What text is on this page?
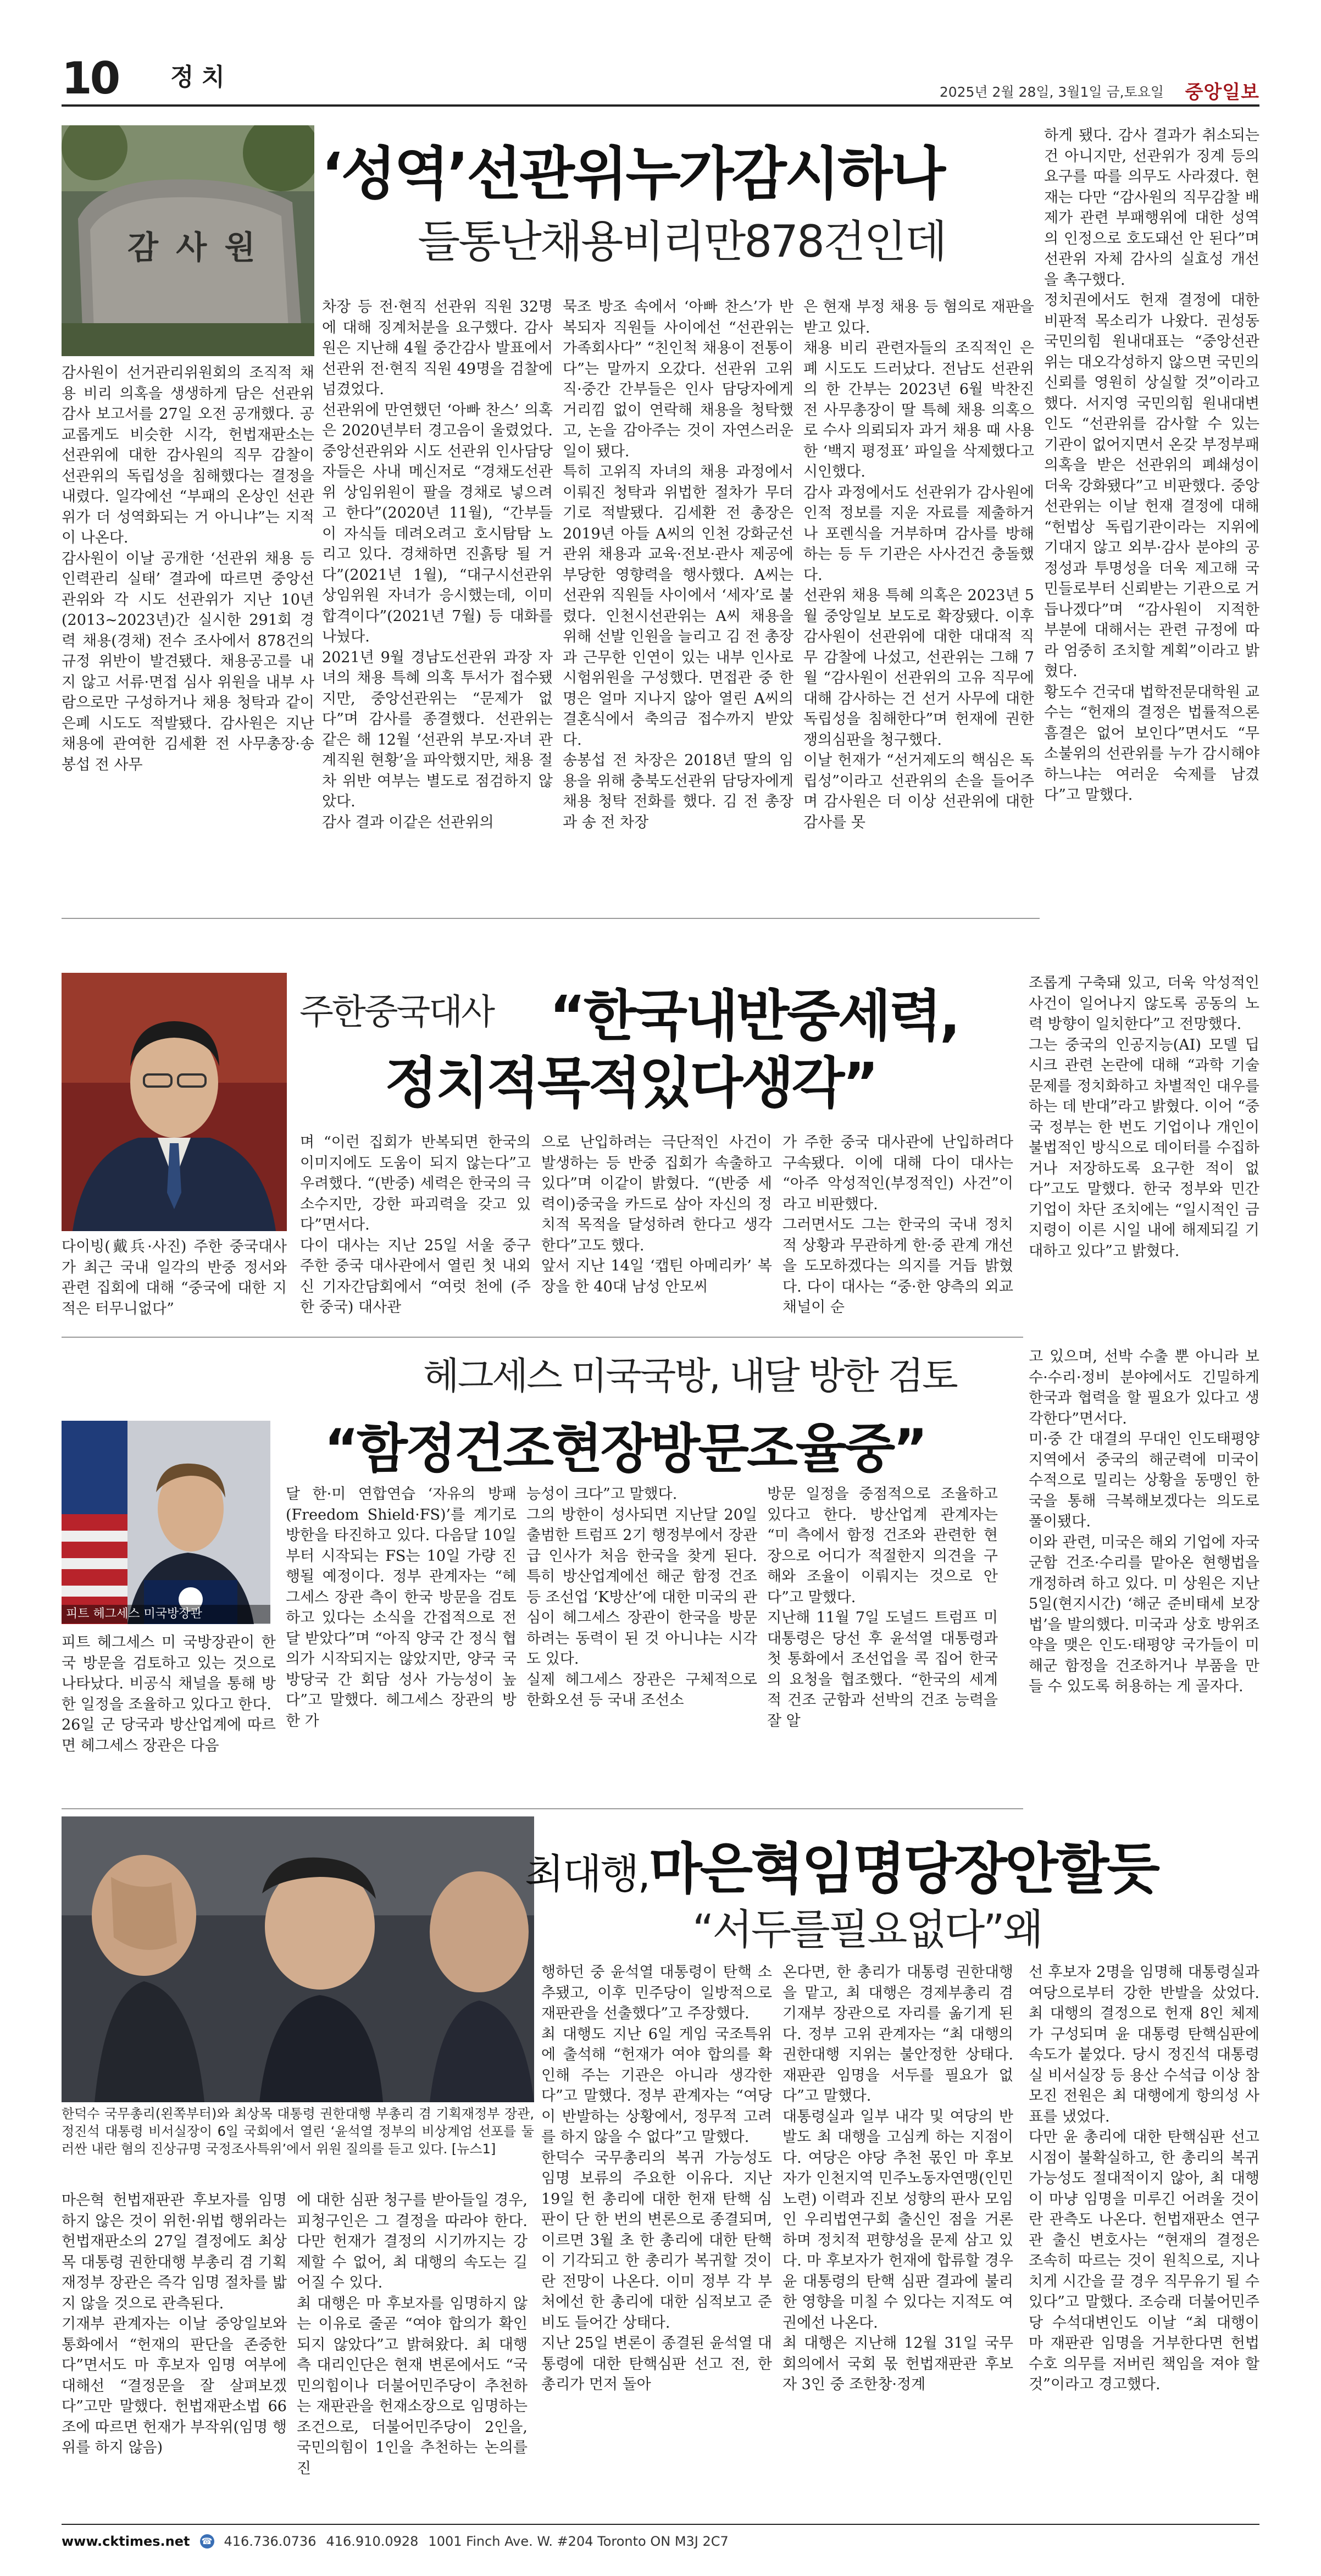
10 정치
2025년 2월 28일, 3월1일 금,토요일 중앙일보
감 사 원
‘성역’선관위누가감시하나
들통난채용비리만878건인데

감사원이 선거관리위원회의 조직적 채용 비리 의혹을 생생하게 담은 선관위 감사 보고서를 27일 오전 공개했다. 공교롭게도 비슷한 시각, 헌법재판소는 선관위에 대한 감사원의 직무 감찰이 선관위의 독립성을 침해했다는 결정을 내렸다. 일각에선 “부패의 온상인 선관위가 더 성역화되는 거 아니냐”는 지적이 나온다.

감사원이 이날 공개한 ‘선관위 채용 등 인력관리 실태’ 결과에 따르면 중앙선관위와 각 시도 선관위가 지난 10년(2013~2023년)간 실시한 291회 경력 채용(경채) 전수 조사에서 878건의 규정 위반이 발견됐다. 채용공고를 내지 않고 서류·면접 심사 위원을 내부 사람으로만 구성하거나 채용 청탁과 같이 은폐 시도도 적발됐다. 감사원은 지난 채용에 관여한 김세환 전 사무총장·송봉섭 전 사무

차장 등 전·현직 선관위 직원 32명에 대해 징계처분을 요구했다. 감사원은 지난해 4월 중간감사 발표에서 선관위 전·현직 직원 49명을 검찰에 넘겼었다.

선관위에 만연했던 ‘아빠 찬스’ 의혹은 2020년부터 경고음이 울렸었다. 중앙선관위와 시도 선관위 인사담당자들은 사내 메신저로 “경채도선관위 상임위원이 팔을 경채로 넣으려고 한다”(2020년 11월), “간부들이 자식들 데려오려고 호시탐탐 노리고 있다. 경채하면 진흙탕 될 거다”(2021년 1월), “대구시선관위 상임위원 자녀가 응시했는데, 이미 합격이다”(2021년 7월) 등 대화를 나눴다.

2021년 9월 경남도선관위 과장 자녀의 채용 특혜 의혹 투서가 접수됐지만, 중앙선관위는 “문제가 없다”며 감사를 종결했다. 선관위는 같은 해 12월 ‘선관위 부모·자녀 관계직원 현황’을 파악했지만, 채용 절차 위반 여부는 별도로 점검하지 않았다.

감사 결과 이같은 선관위의

묵조 방조 속에서 ‘아빠 찬스’가 반복되자 직원들 사이에선 “선관위는 가족회사다” “친인척 채용이 전통이다”는 말까지 오갔다. 선관위 고위직·중간 간부들은 인사 담당자에게 거리낌 없이 연락해 채용을 청탁했고, 논을 감아주는 것이 자연스러운 일이 됐다.

특히 고위직 자녀의 채용 과정에서 이뤄진 청탁과 위법한 절차가 무더기로 적발됐다. 김세환 전 총장은 2019년 아들 A씨의 인천 강화군선관위 채용과 교육·전보·관사 제공에 부당한 영향력을 행사했다. A씨는 선관위 직원들 사이에서 ‘세자’로 불렸다. 인천시선관위는 A씨 채용을 위해 선발 인원을 늘리고 김 전 총장과 근무한 인연이 있는 내부 인사로 시험위원을 구성했다. 면접관 중 한명은 얼마 지나지 않아 열린 A씨의 결혼식에서 축의금 접수까지 받았다.

송봉섭 전 차장은 2018년 딸의 임용을 위해 충북도선관위 담당자에게 채용 청탁 전화를 했다. 김 전 총장과 송 전 차장

은 현재 부정 채용 등 혐의로 재판을 받고 있다.

채용 비리 관련자들의 조직적인 은폐 시도도 드러났다. 전남도 선관위의 한 간부는 2023년 6월 박찬진 전 사무총장이 딸 특혜 채용 의혹으로 수사 의뢰되자 과거 채용 때 사용한 ‘백지 평정표’ 파일을 삭제했다고 시인했다.

감사 과정에서도 선관위가 감사원에 인적 정보를 지운 자료를 제출하거나 포렌식을 거부하며 감사를 방해하는 등 두 기관은 사사건건 충돌했다.

선관위 채용 특혜 의혹은 2023년 5월 중앙일보 보도로 확장됐다. 이후 감사원이 선관위에 대한 대대적 직무 감찰에 나섰고, 선관위는 그해 7월 “감사원이 선관위의 고유 직무에 대해 감사하는 건 선거 사무에 대한 독립성을 침해한다”며 헌재에 권한쟁의심판을 청구했다.

이날 헌재가 “선거제도의 핵심은 독립성”이라고 선관위의 손을 들어주며 감사원은 더 이상 선관위에 대한 감사를 못

하게 됐다. 감사 결과가 취소되는 건 아니지만, 선관위가 징계 등의 요구를 따를 의무도 사라졌다. 현재는 다만 “감사원의 직무감찰 배제가 관련 부패행위에 대한 성역의 인정으로 호도돼선 안 된다”며 선관위 자체 감사의 실효성 개선을 촉구했다.

정치권에서도 헌재 결정에 대한 비판적 목소리가 나왔다. 권성동 국민의힘 원내대표는 “중앙선관위는 대오각성하지 않으면 국민의 신뢰를 영원히 상실할 것”이라고 했다. 서지영 국민의힘 원내대변인도 “선관위를 감사할 수 있는 기관이 없어지면서 온갖 부정부패 의혹을 받은 선관위의 폐쇄성이 더욱 강화됐다”고 비판했다. 중앙선관위는 이날 헌재 결정에 대해 “헌법상 독립기관이라는 지위에 기대지 않고 외부·감사 분야의 공정성과 투명성을 더욱 제고해 국민들로부터 신뢰받는 기관으로 거듭나겠다”며 “감사원이 지적한 부분에 대해서는 관련 규정에 따라 엄중히 조치할 계획”이라고 밝혔다.

황도수 건국대 법학전문대학원 교수는 “헌재의 결정은 법률적으론 흠결은 없어 보인다”면서도 “무소불위의 선관위를 누가 감시해야 하느냐는 여러운 숙제를 남겼다”고 말했다.

다이빙(戴兵·사진) 주한 중국대사가 최근 국내 일각의 반중 정서와 관련 집회에 대해 “중국에 대한 지적은 터무니없다”

주한중국대사 “한국내반중세력,
정치적목적있다생각”

며 “이런 집회가 반복되면 한국의 이미지에도 도움이 되지 않는다”고 우려했다. “(반중) 세력은 한국의 극소수지만, 강한 파괴력을 갖고 있다”면서다.

다이 대사는 지난 25일 서울 중구 주한 중국 대사관에서 열린 첫 내외신 기자간담회에서 “여럿 천에 (주한 중국) 대사관

으로 난입하려는 극단적인 사건이 발생하는 등 반중 집회가 속출하고 있다”며 이같이 밝혔다. “(반중 세력이)중국을 카드로 삼아 자신의 정치적 목적을 달성하려 한다고 생각한다”고도 했다.

앞서 지난 14일 ‘캡틴 아메리카’ 복장을 한 40대 남성 안모씨

가 주한 중국 대사관에 난입하려다 구속됐다. 이에 대해 다이 대사는 “아주 악성적인(부정적인) 사건”이라고 비판했다.

그러면서도 그는 한국의 국내 정치적 상황과 무관하게 한·중 관계 개선을 도모하겠다는 의지를 거듭 밝혔다. 다이 대사는 “중·한 양측의 외교 채널이 순

조롭게 구축돼 있고, 더욱 악성적인 사건이 일어나지 않도록 공동의 노력 방향이 일치한다”고 전망했다.

그는 중국의 인공지능(AI) 모델 딥시크 관련 논란에 대해 “과학 기술 문제를 정치화하고 차별적인 대우를 하는 데 반대”라고 밝혔다. 이어 “중국 정부는 한 번도 기업이나 개인이 불법적인 방식으로 데이터를 수집하거나 저장하도록 요구한 적이 없다”고도 말했다. 한국 정부와 민간 기업이 차단 조치에는 “일시적인 금지령이 이른 시일 내에 해제되길 기대하고 있다”고 밝혔다.

피트 헤그세스 미국방장관
헤그세스 미국국방, 내달 방한 검토
“함정건조현장방문조율중”

피트 헤그세스 미 국방장관이 한국 방문을 검토하고 있는 것으로 나타났다. 비공식 채널을 통해 방한 일정을 조율하고 있다고 한다.

26일 군 당국과 방산업계에 따르면 헤그세스 장관은 다음

달 한·미 연합연습 ‘자유의 방패(Freedom Shield·FS)’를 계기로 방한을 타진하고 있다. 다음달 10일부터 시작되는 FS는 10일 가량 진행될 예정이다. 정부 관계자는 “헤그세스 장관 측이 한국 방문을 검토하고 있다는 소식을 간접적으로 전달 받았다”며 “아직 양국 간 정식 협의가 시작되지는 않았지만, 양국 국방당국 간 회담 성사 가능성이 높다”고 말했다. 헤그세스 장관의 방한 가

능성이 크다”고 말했다.

그의 방한이 성사되면 지난달 20일 출범한 트럼프 2기 행정부에서 장관급 인사가 처음 한국을 찾게 된다. 특히 방산업계에선 해군 함정 건조 등 조선업 ‘K방산’에 대한 미국의 관심이 헤그세스 장관이 한국을 방문하려는 동력이 된 것 아니냐는 시각도 있다.

실제 헤그세스 장관은 구체적으로 한화오션 등 국내 조선소

방문 일정을 중점적으로 조율하고 있다고 한다. 방산업계 관계자는 “미 측에서 함정 건조와 관련한 현장으로 어디가 적절한지 의견을 구해와 조율이 이뤄지는 것으로 안다”고 말했다.

지난해 11월 7일 도널드 트럼프 미 대통령은 당선 후 윤석열 대통령과 첫 통화에서 조선업을 콕 집어 한국의 요청을 협조했다. “한국의 세계적 건조 군함과 선박의 건조 능력을 잘 알

고 있으며, 선박 수출 뿐 아니라 보수·수리·정비 분야에서도 긴밀하게 한국과 협력을 할 필요가 있다고 생각한다”면서다.

미·중 간 대결의 무대인 인도태평양 지역에서 중국의 해군력에 미국이 수적으로 밀리는 상황을 동맹인 한국을 통해 극복해보겠다는 의도로 풀이됐다.

이와 관련, 미국은 해외 기업에 자국 군함 건조·수리를 맡아온 현행법을 개정하려 하고 있다. 미 상원은 지난 5일(현지시간) ‘해군 준비태세 보장법’을 발의했다. 미국과 상호 방위조약을 맺은 인도·태평양 국가들이 미 해군 함정을 건조하거나 부품을 만들 수 있도록 허용하는 게 골자다.

한덕수 국무총리(왼쪽부터)와 최상목 대통령 권한대행 부총리 겸 기획재정부 장관, 정진석 대통령 비서실장이 6일 국회에서 열린 ‘윤석열 정부의 비상계엄 선포를 둘러싼 내란 혐의 진상규명 국정조사특위’에서 위원 질의를 듣고 있다. [뉴스1]
최대행,마은혁임명당장안할듯
“서두를필요없다”왜

마은혁 헌법재판관 후보자를 임명하지 않은 것이 위헌·위법 행위라는 헌법재판소의 27일 결정에도 최상목 대통령 권한대행 부총리 겸 기획재정부 장관은 즉각 임명 절차를 밟지 않을 것으로 관측된다.

기재부 관계자는 이날 중앙일보와 통화에서 “헌재의 판단을 존중한다”면서도 마 후보자 임명 여부에 대해선 “결정문을 잘 살펴보겠다”고만 말했다. 헌법재판소법 66조에 따르면 헌재가 부작위(임명 행위를 하지 않음)

에 대한 심판 청구를 받아들일 경우, 피청구인은 그 결정을 따라야 한다. 다만 헌재가 결정의 시기까지는 강제할 수 없어, 최 대행의 속도는 길어질 수 있다.

최 대행은 마 후보자를 임명하지 않는 이유로 줄곧 “여야 합의가 확인되지 않았다”고 밝혀왔다. 최 대행 측 대리인단은 현재 변론에서도 “국민의힘이나 더불어민주당이 추천하는 재판관을 헌재소장으로 임명하는 조건으로, 더불어민주당이 2인을, 국민의힘이 1인을 추천하는 논의를 진

행하던 중 윤석열 대통령이 탄핵 소추됐고, 이후 민주당이 일방적으로 재판관을 선출했다”고 주장했다.

최 대행도 지난 6일 게임 국조특위에 출석해 “헌재가 여야 합의를 확인해 주는 기관은 아니라 생각한다”고 말했다. 정부 관계자는 “여당이 반발하는 상황에서, 정무적 고려를 하지 않을 수 없다”고 말했다.

한덕수 국무총리의 복귀 가능성도 임명 보류의 주요한 이유다. 지난 19일 헌 총리에 대한 헌재 탄핵 심판이 단 한 번의 변론으로 종결되며, 이르면 3월 초 한 총리에 대한 탄핵이 기각되고 한 총리가 복귀할 것이란 전망이 나온다. 이미 정부 각 부처에선 한 총리에 대한 심적보고 준비도 들어간 상태다.

지난 25일 변론이 종결된 윤석열 대통령에 대한 탄핵심판 선고 전, 한 총리가 먼저 돌아

온다면, 한 총리가 대통령 권한대행을 맡고, 최 대행은 경제부총리 겸 기재부 장관으로 자리를 옮기게 된다. 정부 고위 관계자는 “최 대행의 권한대행 지위는 불안정한 상태다. 재판관 임명을 서두를 필요가 없다”고 말했다.

대통령실과 일부 내각 및 여당의 반발도 최 대행을 고심케 하는 지점이다. 여당은 야당 추천 몫인 마 후보자가 인천지역 민주노동자연맹(인민노련) 이력과 진보 성향의 판사 모임인 우리법연구회 출신인 점을 거론하며 정치적 편향성을 문제 삼고 있다. 마 후보자가 헌재에 합류할 경우 윤 대통령의 탄핵 심판 결과에 불리한 영향을 미칠 수 있다는 지적도 여권에선 나온다.

최 대행은 지난해 12월 31일 국무회의에서 국회 몫 헌법재판관 후보자 3인 중 조한창·정계

선 후보자 2명을 임명해 대통령실과 여당으로부터 강한 반발을 샀었다. 최 대행의 결정으로 헌재 8인 체제가 구성되며 윤 대통령 탄핵심판에 속도가 붙었다. 당시 정진석 대통령실 비서실장 등 용산 수석급 이상 참모진 전원은 최 대행에게 항의성 사표를 냈었다.

다만 윤 총리에 대한 탄핵심판 선고 시점이 불확실하고, 한 총리의 복귀 가능성도 절대적이지 않아, 최 대행이 마냥 임명을 미루긴 어려울 것이란 관측도 나온다. 헌법재판소 연구관 출신 변호사는 “현재의 결정은 조속히 따르는 것이 원칙으로, 지나치게 시간을 끌 경우 직무유기 될 수 있다”고 말했다. 조승래 더불어민주당 수석대변인도 이날 “최 대행이 마 재판관 임명을 거부한다면 헌법 수호 의무를 저버린 책임을 져야 할 것”이라고 경고했다.

www.cktimes.net ☎ 416.736.0736 416.910.0928 1001 Finch Ave. W. #204 Toronto ON M3J 2C7
